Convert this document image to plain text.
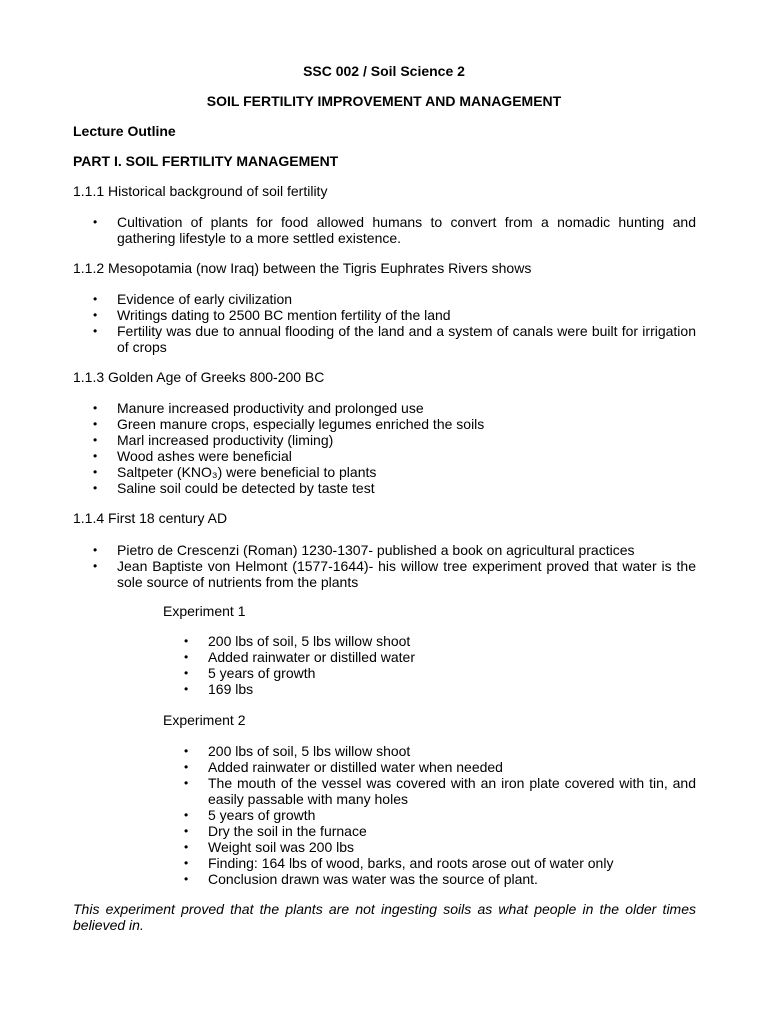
SSC 002 / Soil Science 2
SOIL FERTILITY IMPROVEMENT AND MANAGEMENT
Lecture Outline
PART I. SOIL FERTILITY MANAGEMENT
1.1.1 Historical background of soil fertility
• Cultivation of plants for food allowed humans to convert from a nomadic hunting and gathering lifestyle to a more settled existence.
1.1.2 Mesopotamia (now Iraq) between the Tigris Euphrates Rivers shows
• Evidence of early civilization
• Writings dating to 2500 BC mention fertility of the land
• Fertility was due to annual flooding of the land and a system of canals were built for irrigation of crops
1.1.3 Golden Age of Greeks 800-200 BC
• Manure increased productivity and prolonged use
• Green manure crops, especially legumes enriched the soils
• Marl increased productivity (liming)
• Wood ashes were beneficial
• Saltpeter (KNO₃) were beneficial to plants
• Saline soil could be detected by taste test
1.1.4 First 18 century AD
• Pietro de Crescenzi (Roman) 1230-1307- published a book on agricultural practices
• Jean Baptiste von Helmont (1577-1644)- his willow tree experiment proved that water is the sole source of nutrients from the plants
Experiment 1
• 200 lbs of soil, 5 lbs willow shoot
• Added rainwater or distilled water
• 5 years of growth
• 169 lbs
Experiment 2
• 200 lbs of soil, 5 lbs willow shoot
• Added rainwater or distilled water when needed
• The mouth of the vessel was covered with an iron plate covered with tin, and easily passable with many holes
• 5 years of growth
• Dry the soil in the furnace
• Weight soil was 200 lbs
• Finding: 164 lbs of wood, barks, and roots arose out of water only
• Conclusion drawn was water was the source of plant.
This experiment proved that the plants are not ingesting soils as what people in the older times believed in.
